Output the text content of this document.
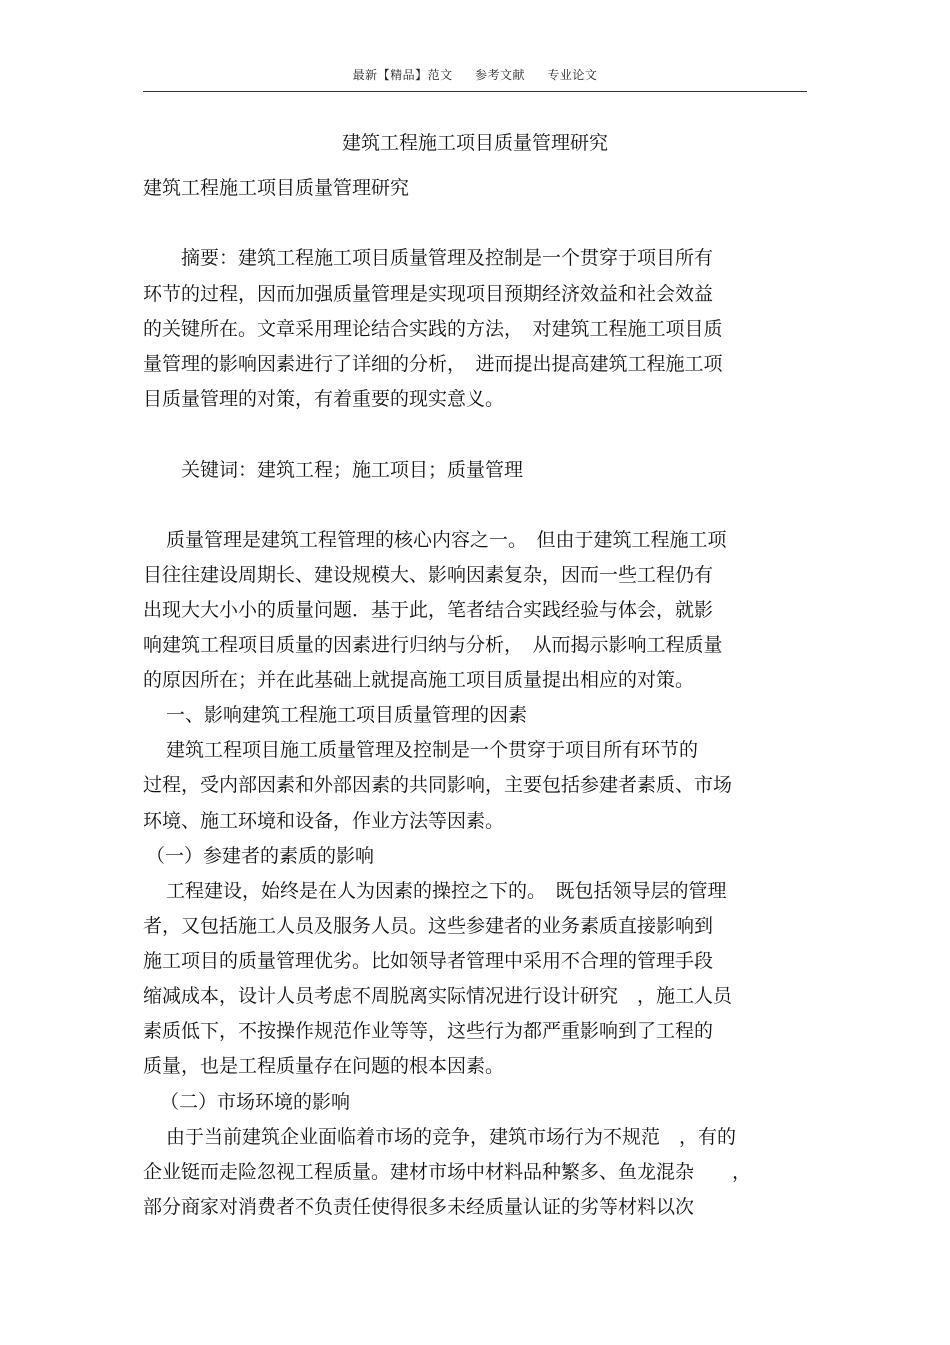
最新【精品】范文 参考文献 专业论文
建筑工程施工项目质量管理研究
建筑工程施工项目质量管理研究
　摘要：建筑工程施工项目质量管理及控制是一个贯穿于项目所有
环节的过程，因而加强质量管理是实现项目预期经济效益和社会效益
的关键所在。文章采用理论结合实践的方法，　对建筑工程施工项目质
量管理的影响因素进行了详细的分析，　进而提出提高建筑工程施工项
目质量管理的对策，有着重要的现实意义。
　关键词：建筑工程；施工项目；质量管理
质量管理是建筑工程管理的核心内容之一。　但由于建筑工程施工项
目往往建设周期长、建设规模大、影响因素复杂，因而一些工程仍有
出现大大小小的质量问题．基于此，笔者结合实践经验与体会，就影
响建筑工程项目质量的因素进行归纳与分析，　从而揭示影响工程质量
的原因所在；并在此基础上就提高施工项目质量提出相应的对策。
一、影响建筑工程施工项目质量管理的因素
建筑工程项目施工质量管理及控制是一个贯穿于项目所有环节的
过程，受内部因素和外部因素的共同影响，主要包括参建者素质、市场
环境、施工环境和设备，作业方法等因素。
（一）参建者的素质的影响
工程建设，始终是在人为因素的操控之下的。　既包括领导层的管理
者，又包括施工人员及服务人员。这些参建者的业务素质直接影响到
施工项目的质量管理优劣。比如领导者管理中采用不合理的管理手段
缩减成本，设计人员考虑不周脱离实际情况进行设计研究　，施工人员
素质低下，不按操作规范作业等等，这些行为都严重影响到了工程的
质量，也是工程质量存在问题的根本因素。
（二）市场环境的影响
由于当前建筑企业面临着市场的竞争，建筑市场行为不规范　，有的
企业铤而走险忽视工程质量。建材市场中材料品种繁多、鱼龙混杂　　，
部分商家对消费者不负责任使得很多未经质量认证的劣等材料以次
